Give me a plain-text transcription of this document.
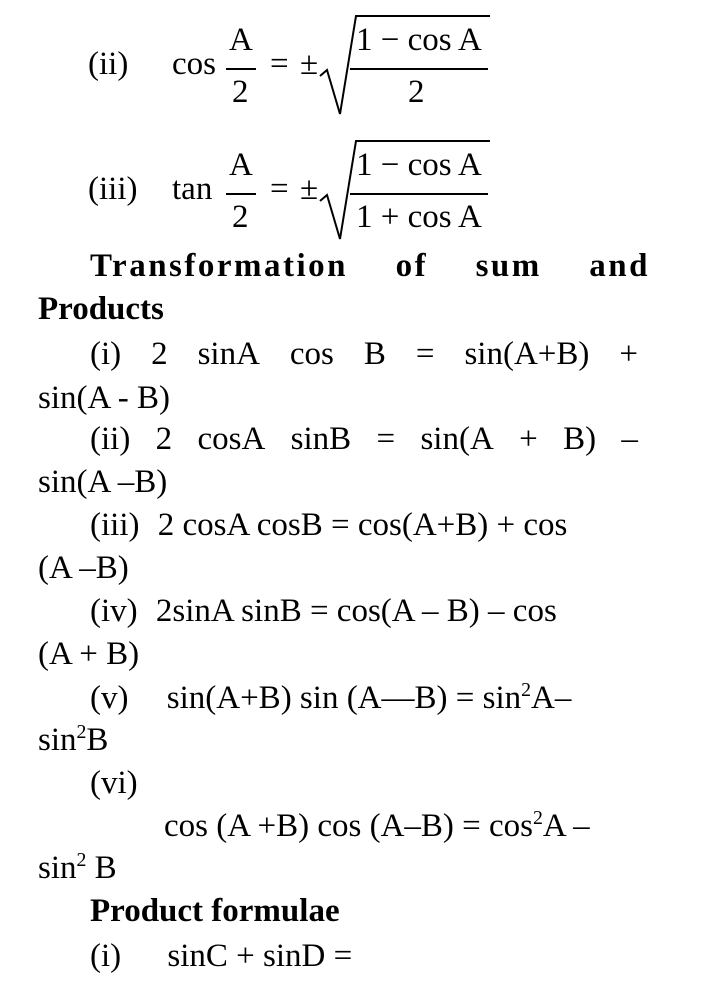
(ii) cos
A
2
= ±
1 − cos A
2
(iii) tan
A
2
= ±
1 − cos A
1 + cos A
Transformation of sum and
Products
(i) 2 sinA cos B = sin(A+B) +
sin(A - B)
(ii) 2 cosA sinB = sin(A + B) –
sin(A –B)
(iii) 2 cosA cosB = cos(A+B) + cos
(A –B)
(iv) 2sinA sinB = cos(A – B) – cos
(A + B)
(v) sin(A+B) sin (A—B) = $\sin^2A-$
$\sin^2B$
(vi)
cos (A +B) $\cos (A-B) = \cos^2A$ –
$\sin^2 B$
Product formulae
(i) sinC + sinD =
